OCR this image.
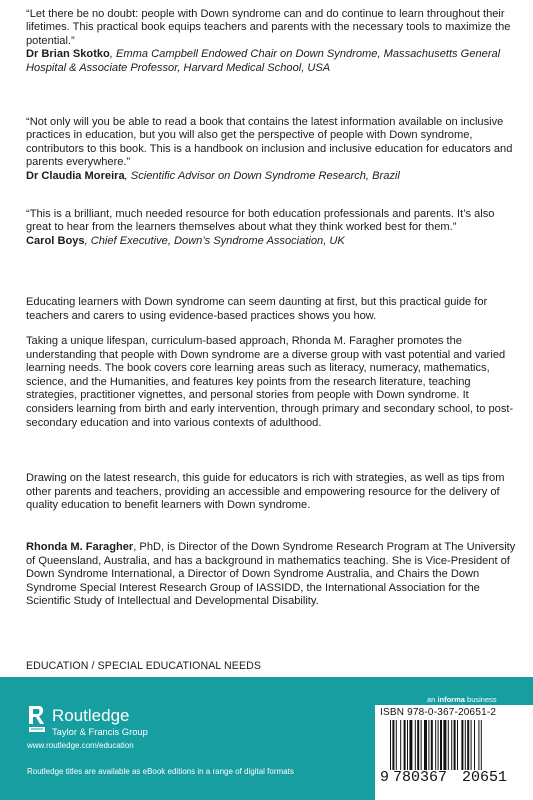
“Let there be no doubt: people with Down syndrome can and do continue to learn throughout their lifetimes. This practical book equips teachers and parents with the necessary tools to maximize the potential.”

Dr Brian Skotko, Emma Campbell Endowed Chair on Down Syndrome, Massachusetts General Hospital & Associate Professor, Harvard Medical School, USA

“Not only will you be able to read a book that contains the latest information available on inclusive practices in education, but you will also get the perspective of people with Down syndrome, contributors to this book. This is a handbook on inclusion and inclusive education for educators and parents everywhere.”

Dr Claudia Moreira, Scientific Advisor on Down Syndrome Research, Brazil

“This is a brilliant, much needed resource for both education professionals and parents. It’s also great to hear from the learners themselves about what they think worked best for them.”

Carol Boys, Chief Executive, Down’s Syndrome Association, UK

Educating learners with Down syndrome can seem daunting at first, but this practical guide for teachers and carers to using evidence-based practices shows you how.

Taking a unique lifespan, curriculum-based approach, Rhonda M. Faragher promotes the understanding that people with Down syndrome are a diverse group with vast potential and varied learning needs. The book covers core learning areas such as literacy, numeracy, mathematics, science, and the Humanities, and features key points from the research literature, teaching strategies, practitioner vignettes, and personal stories from people with Down syndrome. It considers learning from birth and early intervention, through primary and secondary school, to post-secondary education and into various contexts of adulthood.

Drawing on the latest research, this guide for educators is rich with strategies, as well as tips from other parents and teachers, providing an accessible and empowering resource for the delivery of quality education to benefit learners with Down syndrome.

Rhonda M. Faragher, PhD, is Director of the Down Syndrome Research Program at The University of Queensland, Australia, and has a background in mathematics teaching. She is Vice-President of Down Syndrome International, a Director of Down Syndrome Australia, and Chairs the Down Syndrome Special Interest Research Group of IASSIDD, the International Association for the Scientific Study of Intellectual and Developmental Disability.

EDUCATION / SPECIAL EDUCATIONAL NEEDS
Routledge
Taylor & Francis Group
www.routledge.com/education
Routledge titles are available as eBook editions in a range of digital formats
an informa business
ISBN 978-0-367-20651-2
9 780367 20651
